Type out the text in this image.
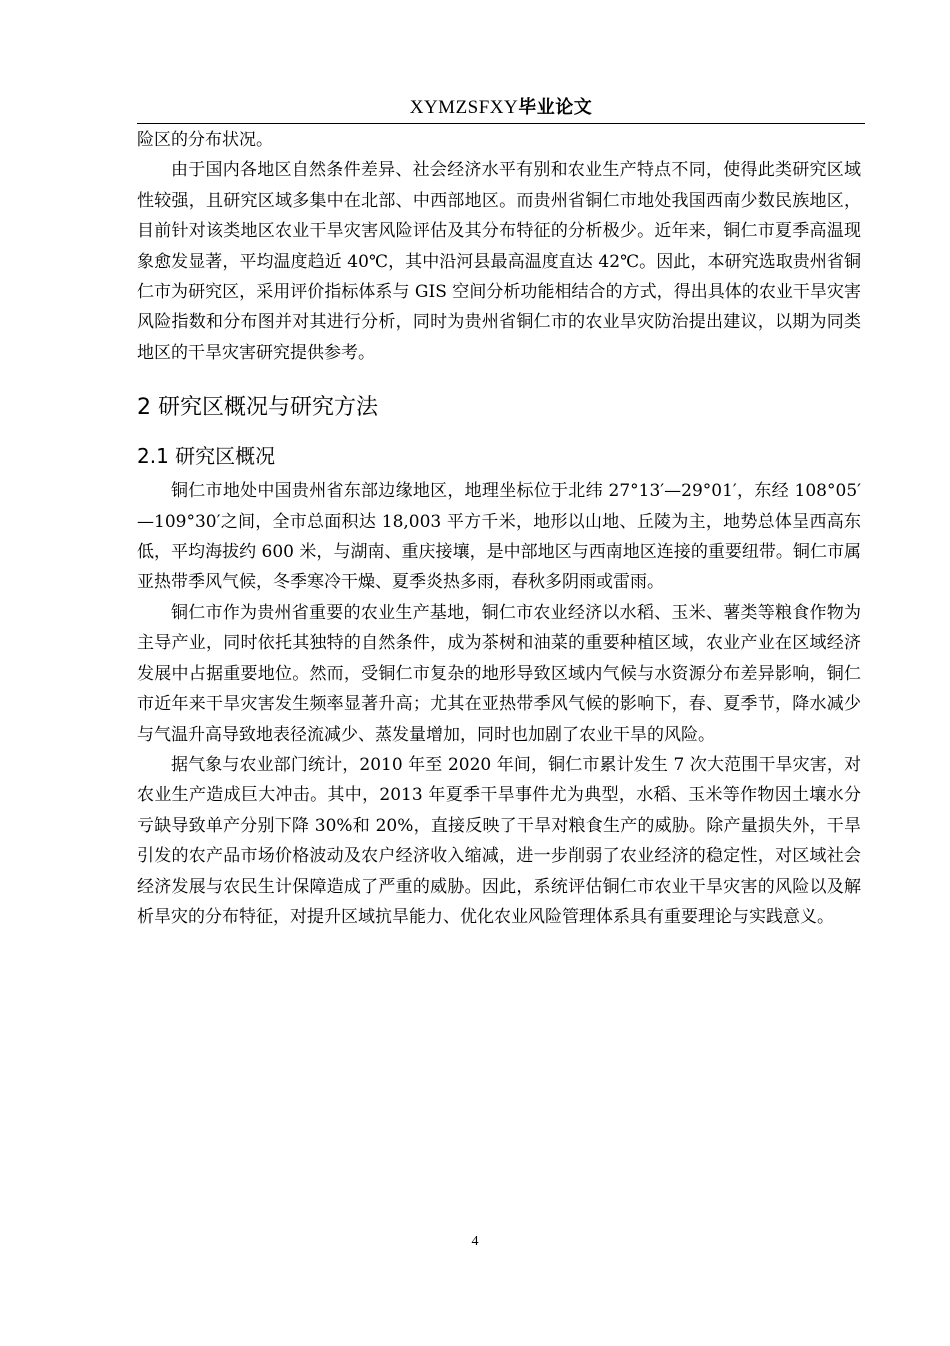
XYMZSFXY毕业论文

险区的分布状况。

由于国内各地区自然条件差异、社会经济水平有别和农业生产特点不同，使得此类研究区域性较强，且研究区域多集中在北部、中西部地区。而贵州省铜仁市地处我国西南少数民族地区，目前针对该类地区农业干旱灾害风险评估及其分布特征的分析极少。近年来，铜仁市夏季高温现象愈发显著，平均温度趋近 40℃，其中沿河县最高温度直达 42℃。因此，本研究选取贵州省铜仁市为研究区，采用评价指标体系与 GIS 空间分析功能相结合的方式，得出具体的农业干旱灾害风险指数和分布图并对其进行分析，同时为贵州省铜仁市的农业旱灾防治提出建议，以期为同类地区的干旱灾害研究提供参考。

2 研究区概况与研究方法
2.1 研究区概况

铜仁市地处中国贵州省东部边缘地区，地理坐标位于北纬 27°13′—29°01′，东经 108°05′—109°30′之间，全市总面积达 18,003 平方千米，地形以山地、丘陵为主，地势总体呈西高东低，平均海拔约 600 米，与湖南、重庆接壤，是中部地区与西南地区连接的重要纽带。铜仁市属亚热带季风气候，冬季寒冷干燥、夏季炎热多雨，春秋多阴雨或雷雨。

铜仁市作为贵州省重要的农业生产基地，铜仁市农业经济以水稻、玉米、薯类等粮食作物为主导产业，同时依托其独特的自然条件，成为茶树和油菜的重要种植区域，农业产业在区域经济发展中占据重要地位。然而，受铜仁市复杂的地形导致区域内气候与水资源分布差异影响，铜仁市近年来干旱灾害发生频率显著升高；尤其在亚热带季风气候的影响下，春、夏季节，降水减少与气温升高导致地表径流减少、蒸发量增加，同时也加剧了农业干旱的风险。

据气象与农业部门统计，2010 年至 2020 年间，铜仁市累计发生 7 次大范围干旱灾害，对农业生产造成巨大冲击。其中，2013 年夏季干旱事件尤为典型，水稻、玉米等作物因土壤水分亏缺导致单产分别下降 30%和 20%，直接反映了干旱对粮食生产的威胁。除产量损失外，干旱引发的农产品市场价格波动及农户经济收入缩减，进一步削弱了农业经济的稳定性，对区域社会经济发展与农民生计保障造成了严重的威胁。因此，系统评估铜仁市农业干旱灾害的风险以及解析旱灾的分布特征，对提升区域抗旱能力、优化农业风险管理体系具有重要理论与实践意义。

4
